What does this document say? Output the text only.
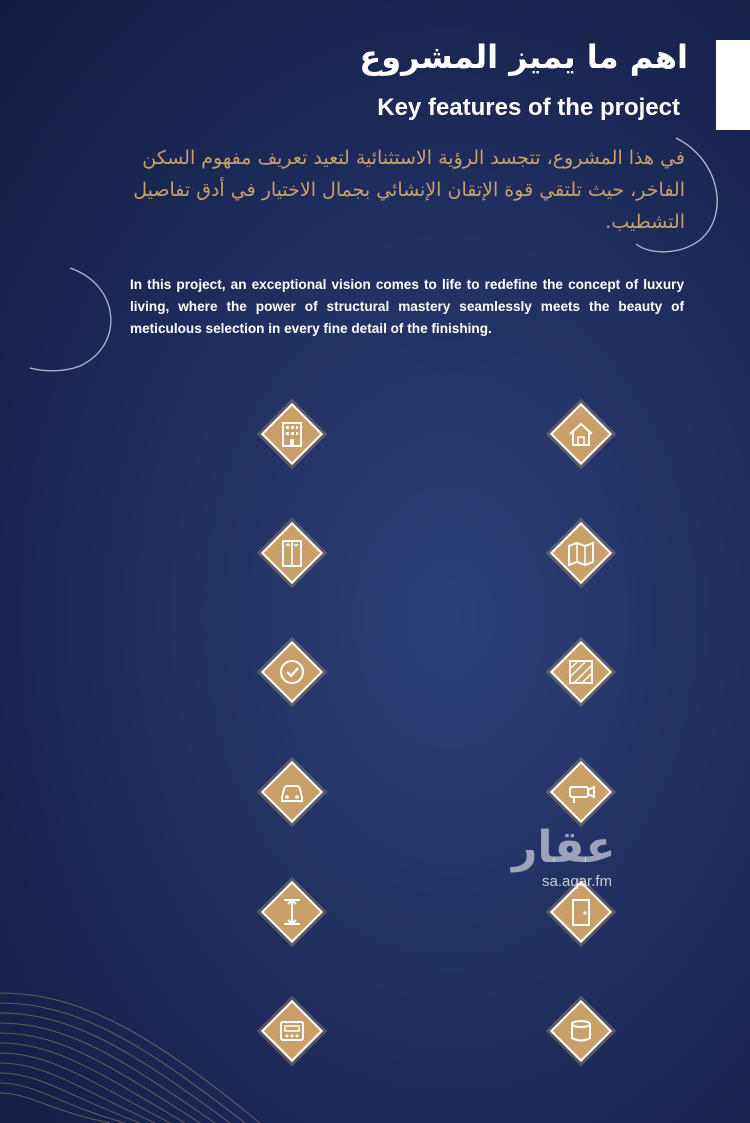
اهم ما يميز المشروع
Key features of the project
في هذا المشروع، تتجسد الرؤية الاستثنائية لتعيد تعريف مفهوم السكن الفاخر، حيث تلتقي قوة الإتقان الإنشائي بجمال الاختيار في أدق تفاصيل التشطيب.
In this project, an exceptional vision comes to life to redefine the concept of luxury living, where the power of structural mastery seamlessly meets the beauty of meticulous selection in every fine detail of the finishing.
عقار
sa.aqar.fm
